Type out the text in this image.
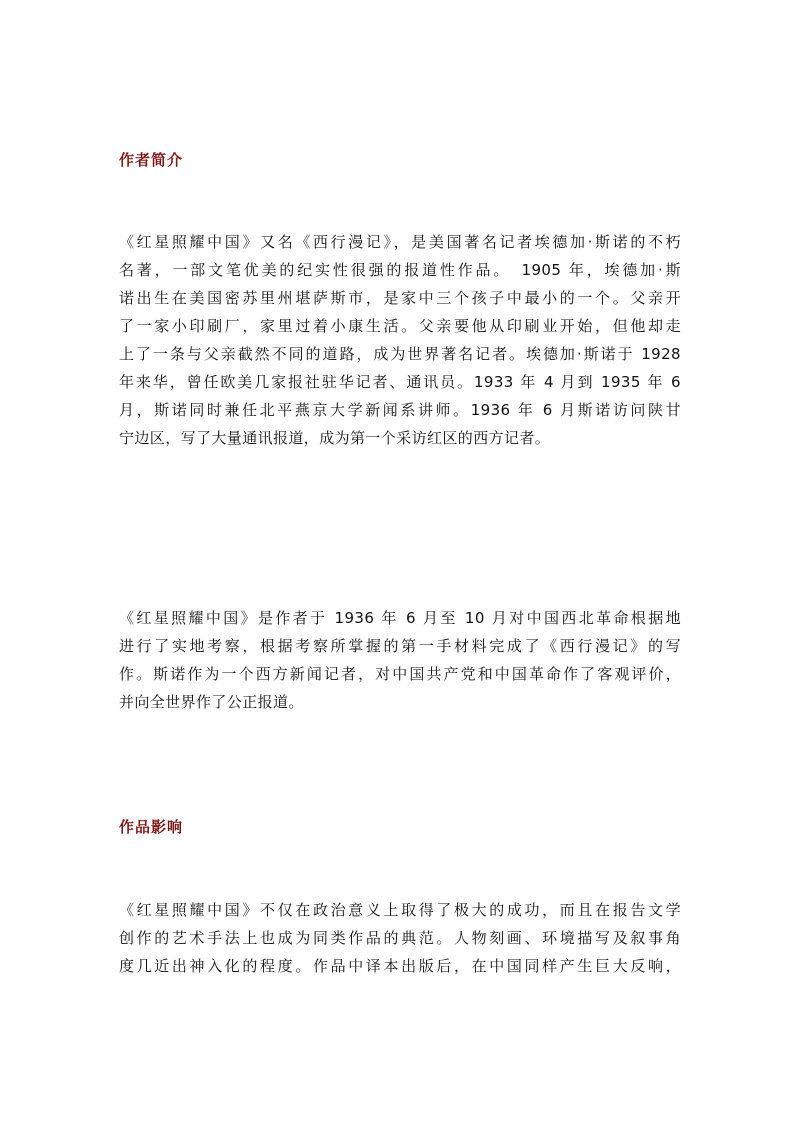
作者简介
《红星照耀中国》又名《西行漫记》，是美国著名记者埃德加·斯诺的不朽
名著，一部文笔优美的纪实性很强的报道性作品。　1905 年，埃德加·斯
诺出生在美国密苏里州堪萨斯市，是家中三个孩子中最小的一个。父亲开
了一家小印刷厂，家里过着小康生活。父亲要他从印刷业开始，但他却走
上了一条与父亲截然不同的道路，成为世界著名记者。埃德加·斯诺于 1928
年来华，曾任欧美几家报社驻华记者、通讯员。1933 年 4 月到 1935 年 6
月，斯诺同时兼任北平燕京大学新闻系讲师。1936 年 6 月斯诺访问陕甘
宁边区，写了大量通讯报道，成为第一个采访红区的西方记者。
《红星照耀中国》是作者于 1936 年 6 月至 10 月对中国西北革命根据地
进行了实地考察，根据考察所掌握的第一手材料完成了《西行漫记》的写
作。斯诺作为一个西方新闻记者，对中国共产党和中国革命作了客观评价，
并向全世界作了公正报道。
作品影响
《红星照耀中国》不仅在政治意义上取得了极大的成功，而且在报告文学
创作的艺术手法上也成为同类作品的典范。人物刻画、环境描写及叙事角
度几近出神入化的程度。作品中译本出版后，在中国同样产生巨大反响，
